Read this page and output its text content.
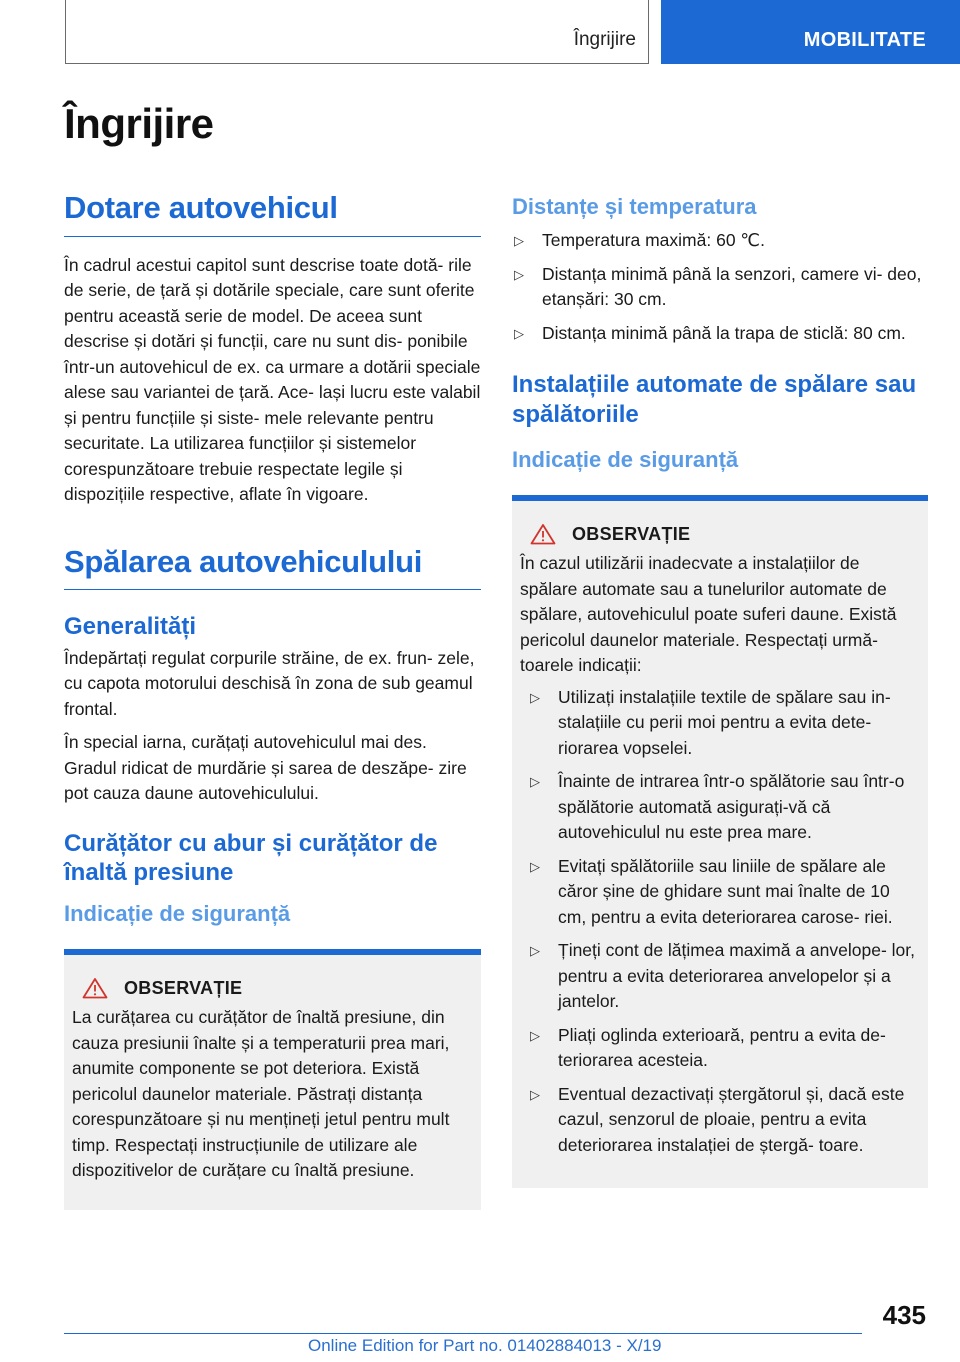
Îngrijire	MOBILITATE
Îngrijire
Dotare autovehicul

În cadrul acestui capitol sunt descrise toate dotă- rile de serie, de țară și dotările speciale, care sunt oferite pentru această serie de model. De aceea sunt descrise și dotări și funcții, care nu sunt dis- ponibile într‑un autovehicul de ex. ca urmare a dotării speciale alese sau variantei de țară. Ace- lași lucru este valabil și pentru funcțiile și siste- mele relevante pentru securitate. La utilizarea funcțiilor și sistemelor corespunzătoare trebuie respectate legile și dispozițiile respective, aflate în vigoare.

Spălarea autovehiculului
Generalități

Îndepărtați regulat corpurile străine, de ex. frun- zele, cu capota motorului deschisă în zona de sub geamul frontal.

În special iarna, curățați autovehiculul mai des. Gradul ridicat de murdărie și sarea de deszăpe- zire pot cauza daune autovehiculului.

Curățător cu abur și curățător de înaltă presiune
Indicație de siguranță
OBSERVAȚIE

La curățarea cu curățător de înaltă presiune, din cauza presiunii înalte și a temperaturii prea mari, anumite componente se pot deteriora. Există pericolul daunelor materiale. Păstrați distanța corespunzătoare și nu mențineți jetul pentru mult timp. Respectați instrucțiunile de utilizare ale dispozitivelor de curățare cu înaltă presiune.

Distanțe și temperatura
▷ Temperatura maximă: 60 ℃.
▷ Distanța minimă până la senzori, camere vi- deo, etanșări: 30 cm.
▷ Distanța minimă până la trapa de sticlă: 80 cm.
Instalațiile automate de spălare sau spălătoriile
Indicație de siguranță
OBSERVAȚIE

În cazul utilizării inadecvate a instalațiilor de spălare automate sau a tunelurilor automate de spălare, autovehiculul poate suferi daune. Există pericolul daunelor materiale. Respectați urmă- toarele indicații:

▷ Utilizați instalațiile textile de spălare sau in- stalațiile cu perii moi pentru a evita dete- riorarea vopselei.
▷ Înainte de intrarea într‑o spălătorie sau într‑o spălătorie automată asigurați‑vă că autovehiculul nu este prea mare.
▷ Evitați spălătoriile sau liniile de spălare ale căror șine de ghidare sunt mai înalte de 10 cm, pentru a evita deteriorarea carose- riei.
▷ Țineți cont de lățimea maximă a anvelope- lor, pentru a evita deteriorarea anvelopelor și a jantelor.
▷ Pliați oglinda exterioară, pentru a evita de- teriorarea acesteia.
▷ Eventual dezactivați ștergătorul și, dacă este cazul, senzorul de ploaie, pentru a evita deteriorarea instalației de ștergă- toare.
435
Online Edition for Part no. 01402884013 - X/19
